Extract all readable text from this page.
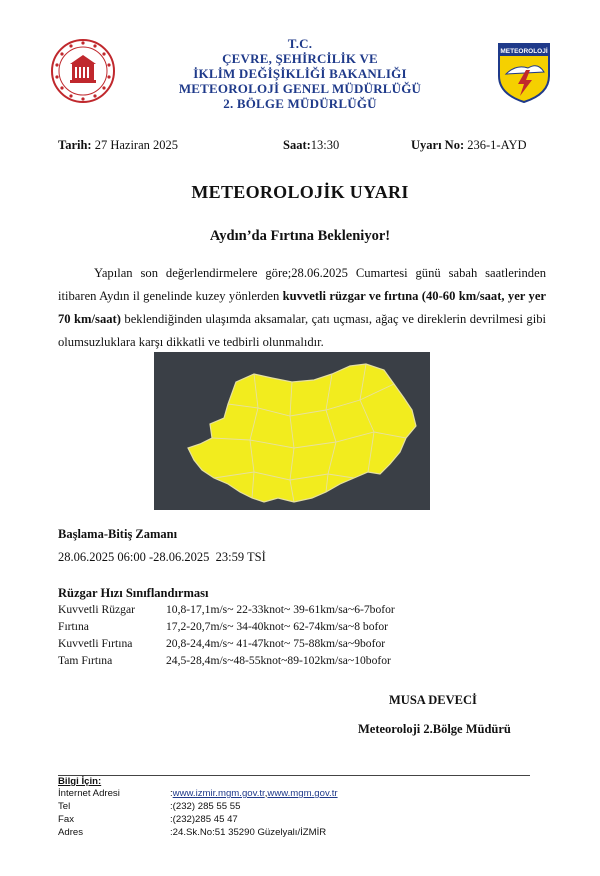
METEOROLOJİ
T.C.
ÇEVRE, ŞEHİRCİLİK VE
İKLİM DEĞİŞİKLİĞİ BAKANLIĞI
METEOROLOJİ GENEL MÜDÜRLÜĞÜ
2. BÖLGE MÜDÜRLÜĞÜ
Tarih: 27 Haziran 2025	Saat:13:30	Uyarı No: 236-1-AYD
METEOROLOJİK UYARI
Aydın’da Fırtına Bekleniyor!
Yapılan son değerlendirmelere göre;28.06.2025 Cumartesi günü sabah saatlerinden itibaren Aydın il genelinde kuzey yönlerden kuvvetli rüzgar ve fırtına (40-60 km/saat, yer yer 70 km/saat) beklendiğinden ulaşımda aksamalar, çatı uçması, ağaç ve direklerin devrilmesi gibi olumsuzluklara karşı dikkatli ve tedbirli olunmalıdır.
Başlama-Bitiş Zamanı
28.06.2025 06:00 -28.06.2025  23:59 TSİ
Rüzgar Hızı Sınıflandırması
Kuvvetli Rüzgar	10,8-17,1m/s~ 22-33knot~ 39-61km/sa~6-7bofor
Fırtına	17,2-20,7m/s~ 34-40knot~ 62-74km/sa~8 bofor
Kuvvetli Fırtına	20,8-24,4m/s~ 41-47knot~ 75-88km/sa~9bofor
Tam Fırtına	24,5-28,4m/s~48-55knot~89-102km/sa~10bofor
MUSA DEVECİ
Meteoroloji 2.Bölge Müdürü
Bilgi İçin:
İnternet Adresi	:www.izmir.mgm.gov.tr,www.mgm.gov.tr
Tel	:(232) 285 55 55
Fax	:(232)285 45 47
Adres	:24.Sk.No:51 35290 Güzelyalı/İZMİR
